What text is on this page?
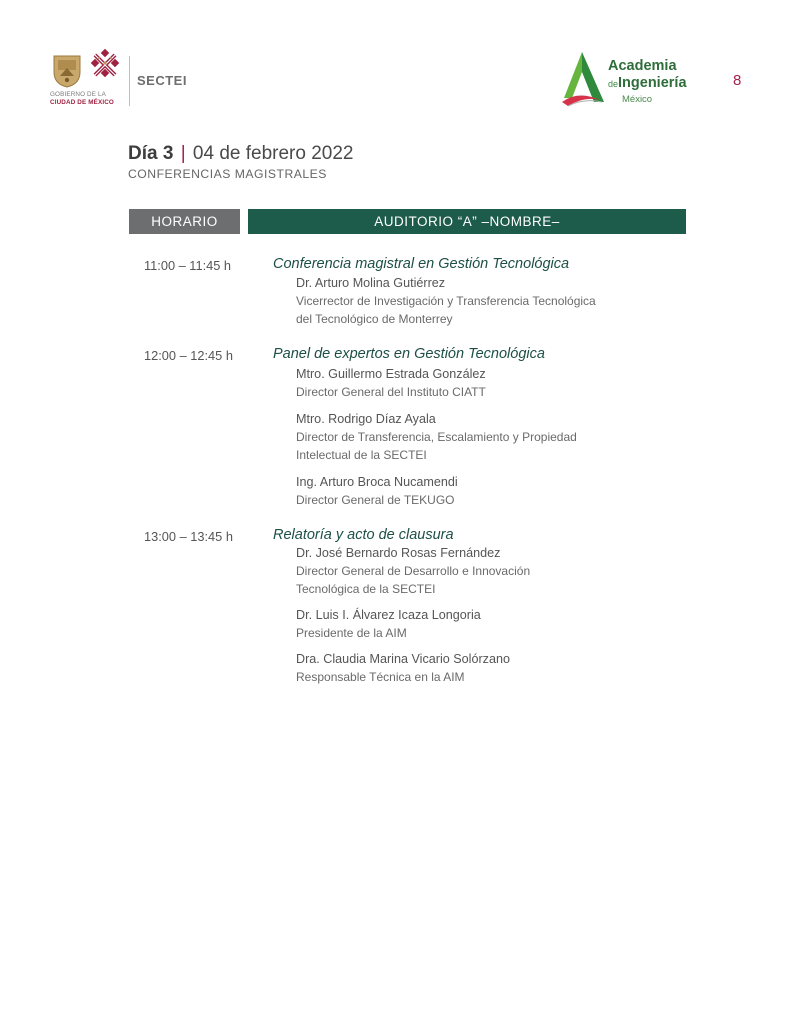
GOBIERNO DE LA
CIUDAD DE MÉXICO
SECTEI
Academia
deIngeniería
México
8
Día 3 | 04 de febrero 2022
CONFERENCIAS MAGISTRALES
HORARIO	AUDITORIO “A” –NOMBRE–
11:00 – 11:45 h	Conferencia magistral en Gestión Tecnológica
Dr. Arturo Molina Gutiérrez
Vicerrector de Investigación y Transferencia Tecnológica
del Tecnológico de Monterrey
12:00 – 12:45 h	Panel de expertos en Gestión Tecnológica
Mtro. Guillermo Estrada González
Director General del Instituto CIATT
Mtro. Rodrigo Díaz Ayala
Director de Transferencia, Escalamiento y Propiedad
Intelectual de la SECTEI
Ing. Arturo Broca Nucamendi
Director General de TEKUGO
13:00 – 13:45 h	Relatoría y acto de clausura
Dr. José Bernardo Rosas Fernández
Director General de Desarrollo e Innovación
Tecnológica de la SECTEI
Dr. Luis I. Álvarez Icaza Longoria
Presidente de la AIM
Dra. Claudia Marina Vicario Solórzano
Responsable Técnica en la AIM
